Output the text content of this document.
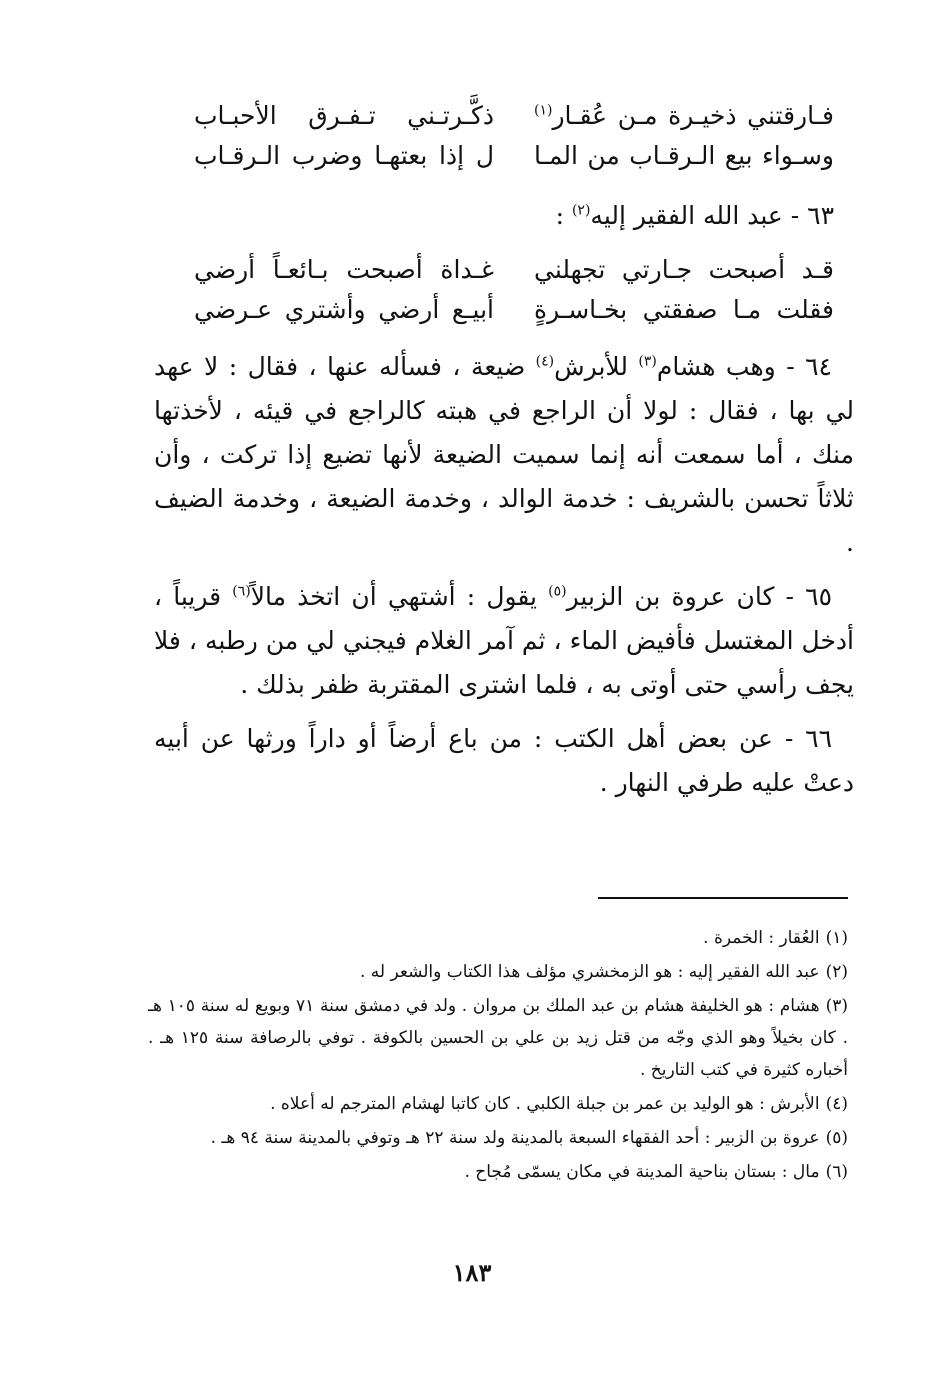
فـارقتني ذخيـرة مـن عُقـار$^{(١)}$
ذكَّـرتـني تـفـرق الأحبـاب
وسـواء بيع الـرقـاب من المـا
ل إذا بعتهـا وضرب الـرقـاب
٦٣ - عبد الله الفقير إليه$^{(٢)}$ :
قـد أصبحت جـارتي تجهلني
غـداة أصبحت بـائعـاً أرضي
فقلت مـا صفقتي بخـاسـرةٍ
أبيـع أرضي وأشتري عـرضي

٦٤ - وهب هشام$^{(٣)}$ للأبرش$^{(٤)}$ ضيعة ، فسأله عنها ، فقال : لا عهد لي بها ، فقال : لولا أن الراجع في هبته كالراجع في قيئه ، لأخذتها منك ، أما سمعت أنه إنما سميت الضيعة لأنها تضيع إذا تركت ، وأن ثلاثاً تحسن بالشريف : خدمة الوالد ، وخدمة الضيعة ، وخدمة الضيف .

٦٥ - كان عروة بن الزبير$^{(٥)}$ يقول : أشتهي أن اتخذ مالاً$^{(٦)}$ قريباً ، أدخل المغتسل فأفيض الماء ، ثم آمر الغلام فيجني لي من رطبه ، فلا يجف رأسي حتى أوتى به ، فلما اشترى المقتربة ظفر بذلك .

٦٦ - عن بعض أهل الكتب : من باع أرضاً أو داراً ورثها عن أبيه دعتْ عليه طرفي النهار .

(١)العُقار : الخمرة .

(٢)عبد الله الفقير إليه : هو الزمخشري مؤلف هذا الكتاب والشعر له .

(٣)هشام : هو الخليفة هشام بن عبد الملك بن مروان . ولد في دمشق سنة ٧١ وبويع له سنة ١٠٥ هـ . كان بخيلاً وهو الذي وجّه من قتل زيد بن علي بن الحسين بالكوفة . توفي بالرصافة سنة ١٢٥ هـ . أخباره كثيرة في كتب التاريخ .

(٤)الأبرش : هو الوليد بن عمر بن جبلة الكلبي . كان كاتبا لهشام المترجم له أعلاه .

(٥)عروة بن الزبير : أحد الفقهاء السبعة بالمدينة ولد سنة ٢٢ هـ وتوفي بالمدينة سنة ٩٤ هـ .

(٦)مال : بستان بناحية المدينة في مكان يسمّى مُجاح .

١٨٣
